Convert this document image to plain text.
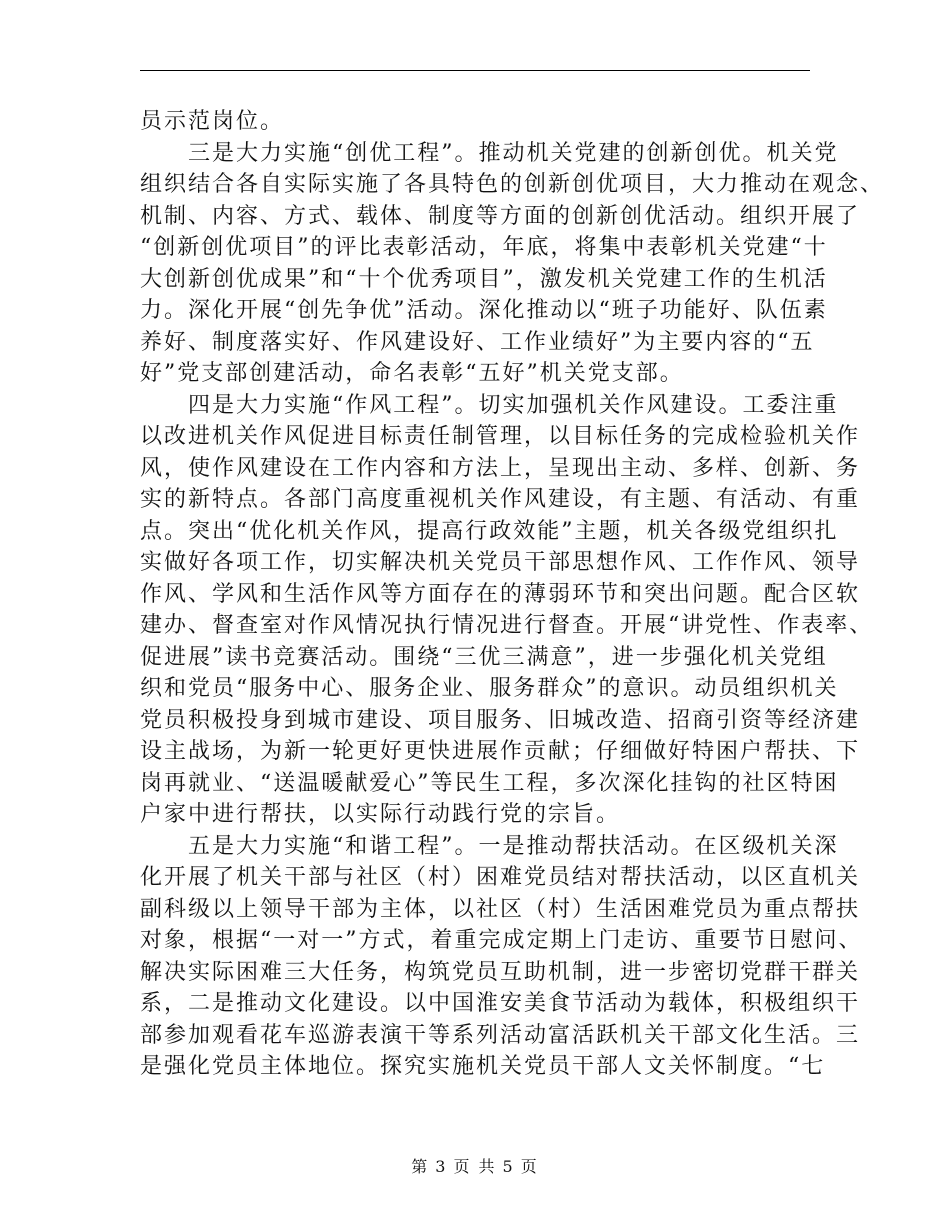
员示范岗位。
三是大力实施“创优工程”。推动机关党建的创新创优。机关党
组织结合各自实际实施了各具特色的创新创优项目，大力推动在观念、
机制、内容、方式、载体、制度等方面的创新创优活动。组织开展了
“创新创优项目”的评比表彰活动，年底，将集中表彰机关党建“十
大创新创优成果”和“十个优秀项目”，激发机关党建工作的生机活
力。深化开展“创先争优”活动。深化推动以“班子功能好、队伍素
养好、制度落实好、作风建设好、工作业绩好”为主要内容的“五
好”党支部创建活动，命名表彰“五好”机关党支部。
四是大力实施“作风工程”。切实加强机关作风建设。工委注重
以改进机关作风促进目标责任制管理，以目标任务的完成检验机关作
风，使作风建设在工作内容和方法上，呈现出主动、多样、创新、务
实的新特点。各部门高度重视机关作风建设，有主题、有活动、有重
点。突出“优化机关作风，提高行政效能”主题，机关各级党组织扎
实做好各项工作，切实解决机关党员干部思想作风、工作作风、领导
作风、学风和生活作风等方面存在的薄弱环节和突出问题。配合区软
建办、督查室对作风情况执行情况进行督查。开展“讲党性、作表率、
促进展”读书竞赛活动。围绕“三优三满意”，进一步强化机关党组
织和党员“服务中心、服务企业、服务群众”的意识。动员组织机关
党员积极投身到城市建设、项目服务、旧城改造、招商引资等经济建
设主战场，为新一轮更好更快进展作贡献；仔细做好特困户帮扶、下
岗再就业、“送温暖献爱心”等民生工程，多次深化挂钩的社区特困
户家中进行帮扶，以实际行动践行党的宗旨。
五是大力实施“和谐工程”。一是推动帮扶活动。在区级机关深
化开展了机关干部与社区（村）困难党员结对帮扶活动，以区直机关
副科级以上领导干部为主体，以社区（村）生活困难党员为重点帮扶
对象，根据“一对一”方式，着重完成定期上门走访、重要节日慰问、
解决实际困难三大任务，构筑党员互助机制，进一步密切党群干群关
系，二是推动文化建设。以中国淮安美食节活动为载体，积极组织干
部参加观看花车巡游表演干等系列活动富活跃机关干部文化生活。三
是强化党员主体地位。探究实施机关党员干部人文关怀制度。“七
第 3 页 共 5 页
